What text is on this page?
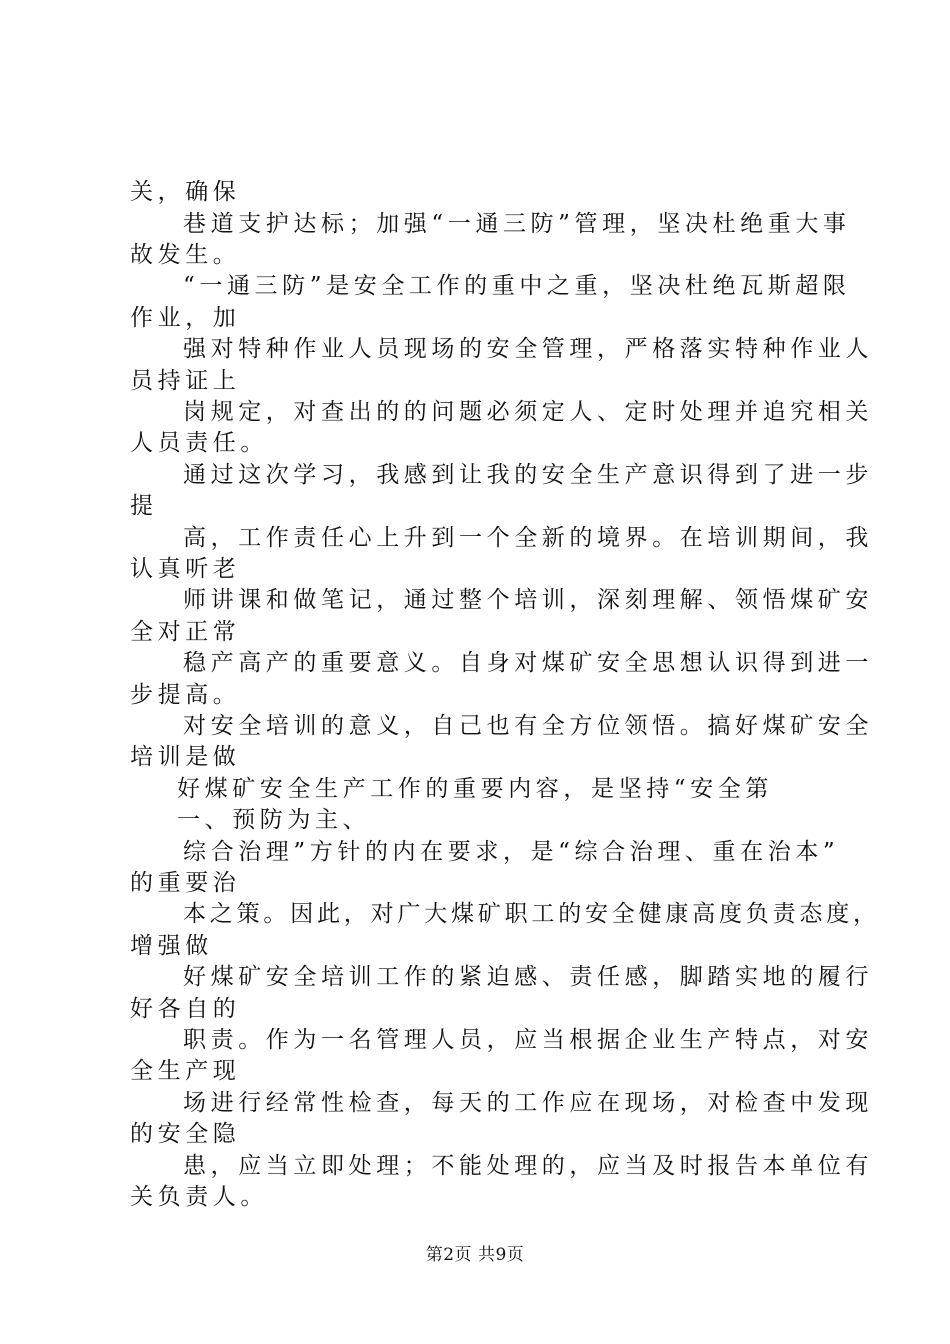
关，确保
巷道支护达标；加强“一通三防”管理，坚决杜绝重大事
故发生。
“一通三防”是安全工作的重中之重，坚决杜绝瓦斯超限
作业，加
强对特种作业人员现场的安全管理，严格落实特种作业人
员持证上
岗规定，对查出的的问题必须定人、定时处理并追究相关
人员责任。
通过这次学习，我感到让我的安全生产意识得到了进一步
提
高，工作责任心上升到一个全新的境界。在培训期间，我
认真听老
师讲课和做笔记，通过整个培训，深刻理解、领悟煤矿安
全对正常
稳产高产的重要意义。自身对煤矿安全思想认识得到进一
步提高。
对安全培训的意义，自己也有全方位领悟。搞好煤矿安全
培训是做
好煤矿安全生产工作的重要内容，是坚持“安全第
一、预防为主、
综合治理”方针的内在要求，是“综合治理、重在治本”
的重要治
本之策。因此，对广大煤矿职工的安全健康高度负责态度，
增强做
好煤矿安全培训工作的紧迫感、责任感，脚踏实地的履行
好各自的
职责。作为一名管理人员，应当根据企业生产特点，对安
全生产现
场进行经常性检查，每天的工作应在现场，对检查中发现
的安全隐
患，应当立即处理；不能处理的，应当及时报告本单位有
关负责人。
第2页 共9页
